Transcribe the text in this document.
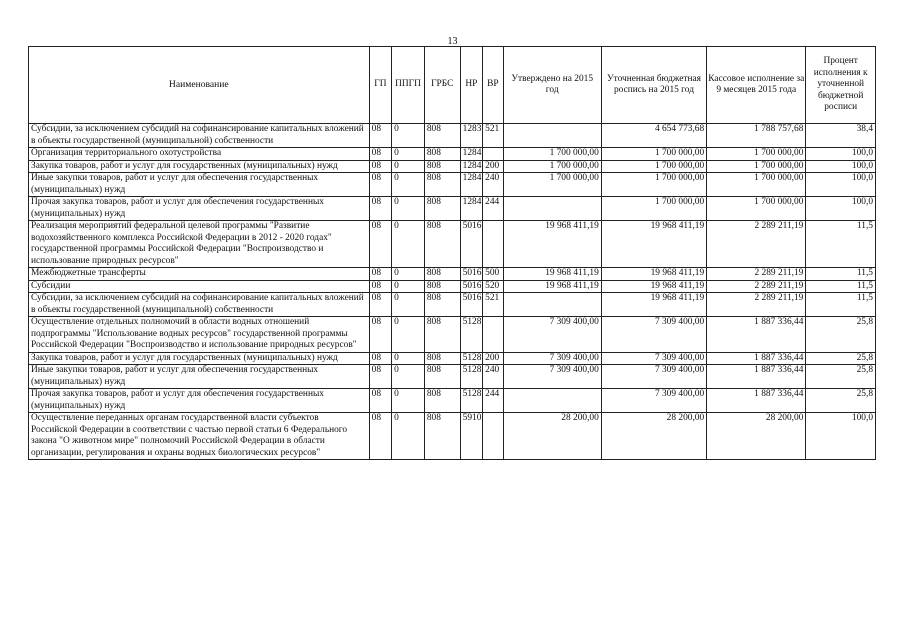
13
Наименование	ГП	ППГП	ГРБС	НР	ВР	Утверждено на 2015 год	Уточненная бюджетная роспись на 2015 год	Кассовое исполнение за 9 месяцев 2015 года	Процент исполнения к уточненной бюджетной росписи
Субсидии, за исключением субсидий на софинансирование капитальных вложений в объекты государственной (муниципальной) собственности	08	0	808	1283	521		4 654 773,68	1 788 757,68	38,4
Организация территориального охотустройства	08	0	808	1284		1 700 000,00	1 700 000,00	1 700 000,00	100,0
Закупка товаров, работ и услуг для государственных (муниципальных) нужд	08	0	808	1284	200	1 700 000,00	1 700 000,00	1 700 000,00	100,0
Иные закупки товаров, работ и услуг для обеспечения государственных (муниципальных) нужд	08	0	808	1284	240	1 700 000,00	1 700 000,00	1 700 000,00	100,0
Прочая закупка товаров, работ и услуг для обеспечения государственных (муниципальных) нужд	08	0	808	1284	244		1 700 000,00	1 700 000,00	100,0
Реализация мероприятий федеральной целевой программы "Развитие водохозяйственного комплекса Российской Федерации в 2012 - 2020 годах" государственной программы Российской Федерации "Воспроизводство и использование природных ресурсов"	08	0	808	5016		19 968 411,19	19 968 411,19	2 289 211,19	11,5
Межбюджетные трансферты	08	0	808	5016	500	19 968 411,19	19 968 411,19	2 289 211,19	11,5
Субсидии	08	0	808	5016	520	19 968 411,19	19 968 411,19	2 289 211,19	11,5
Субсидии, за исключением субсидий на софинансирование капитальных вложений в объекты государственной (муниципальной) собственности	08	0	808	5016	521		19 968 411,19	2 289 211,19	11,5
Осуществление отдельных полномочий в области водных отношений подпрограммы "Использование водных ресурсов" государственной программы Российской Федерации "Воспроизводство и использование природных ресурсов"	08	0	808	5128		7 309 400,00	7 309 400,00	1 887 336,44	25,8
Закупка товаров, работ и услуг для государственных (муниципальных) нужд	08	0	808	5128	200	7 309 400,00	7 309 400,00	1 887 336,44	25,8
Иные закупки товаров, работ и услуг для обеспечения государственных (муниципальных) нужд	08	0	808	5128	240	7 309 400,00	7 309 400,00	1 887 336,44	25,8
Прочая закупка товаров, работ и услуг для обеспечения государственных (муниципальных) нужд	08	0	808	5128	244		7 309 400,00	1 887 336,44	25,8
Осуществление переданных органам государственной власти субъектов Российской Федерации в соответствии с частью первой статьи 6 Федерального закона "О животном мире" полномочий Российской Федерации в области организации, регулирования и охраны водных биологических ресурсов"	08	0	808	5910		28 200,00	28 200,00	28 200,00	100,0
